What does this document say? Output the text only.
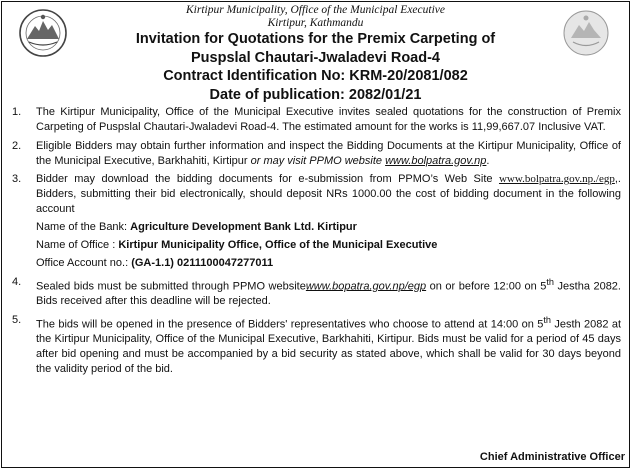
Kirtipur Municipality, Office of the Municipal Executive
Kirtipur, Kathmandu
Invitation for Quotations for the Premix Carpeting of
Puspslal Chautari-Jwaladevi Road-4
Contract Identification No: KRM-20/2081/082
Date of publication: 2082/01/21
1. The Kirtipur Municipality, Office of the Municipal Executive invites sealed quotations for the construction of Premix Carpeting of Puspslal Chautari-Jwaladevi Road-4. The estimated amount for the works is 11,99,667.07 Inclusive VAT.
2. Eligible Bidders may obtain further information and inspect the Bidding Documents at the Kirtipur Municipality, Office of the Municipal Executive, Barkhahiti, Kirtipur or may visit PPMO website www.bolpatra.gov.np.
3. Bidder may download the bidding documents for e-submission from PPMO’s Web Site www.bolpatra.gov.np./egp,. Bidders, submitting their bid electronically, should deposit NRs 1000.00 the cost of bidding document in the following account
Name of the Bank: Agriculture Development Bank Ltd. Kirtipur
Name of Office : Kirtipur Municipality Office, Office of the Municipal Executive
Office Account no.: (GA-1.1) 0211100047277011
4. Sealed bids must be submitted through PPMO websitewww.bopatra.gov.np/egp on or before 12:00 on 5th Jestha 2082. Bids received after this deadline will be rejected.
5. The bids will be opened in the presence of Bidders' representatives who choose to attend at 14:00 on 5th Jesth 2082 at the Kirtipur Municipality, Office of the Municipal Executive, Barkhahiti, Kirtipur. Bids must be valid for a period of 45 days after bid opening and must be accompanied by a bid security as stated above, which shall be valid for 30 days beyond the validity period of the bid.
Chief Administrative Officer
